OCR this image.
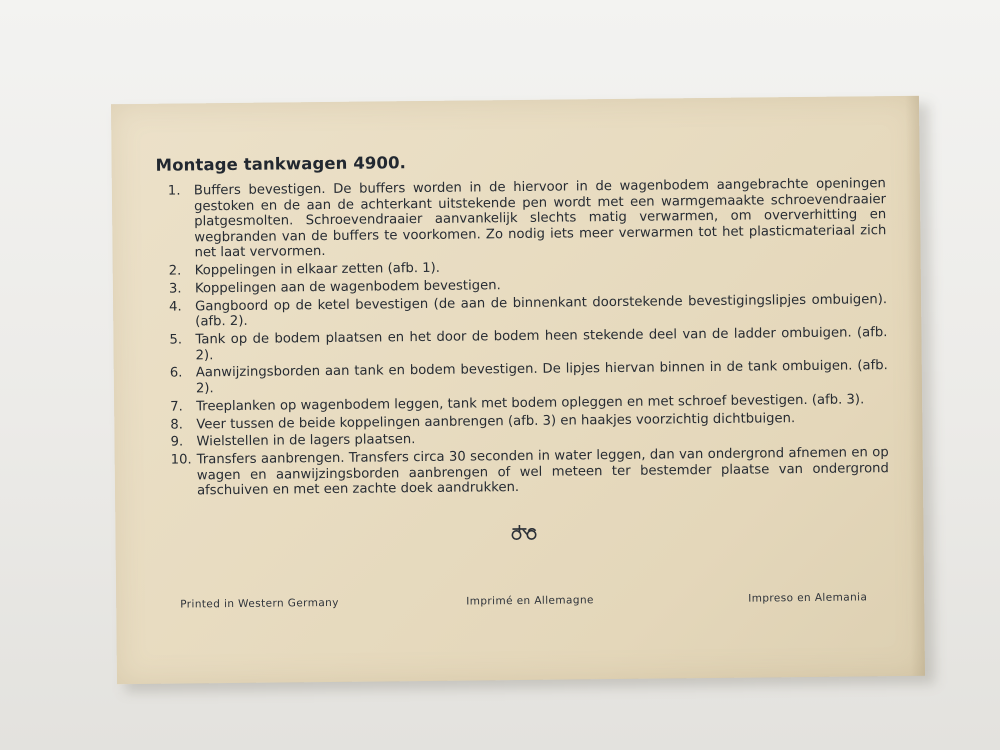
Montage tankwagen 4900.
1.	Buffers bevestigen. De buffers worden in de hiervoor in de wagenbodem aangebrachte openingen gestoken en de aan de achterkant uitstekende pen wordt met een warmgemaakte schroevendraaier platgesmolten. Schroevendraaier aanvankelijk slechts matig verwarmen, om oververhitting en wegbranden van de buffers te voorkomen. Zo nodig iets meer verwarmen tot het plasticmateriaal zich net laat vervormen.
2.	Koppelingen in elkaar zetten (afb. 1).
3.	Koppelingen aan de wagenbodem bevestigen.
4.	Gangboord op de ketel bevestigen (de aan de binnenkant doorstekende bevestigingslipjes ombuigen). (afb. 2).
5.	Tank op de bodem plaatsen en het door de bodem heen stekende deel van de ladder ombuigen. (afb. 2).
6.	Aanwijzingsborden aan tank en bodem bevestigen. De lipjes hiervan binnen in de tank ombuigen. (afb. 2).
7.	Treeplanken op wagenbodem leggen, tank met bodem opleggen en met schroef bevestigen. (afb. 3).
8.	Veer tussen de beide koppelingen aanbrengen (afb. 3) en haakjes voorzichtig dichtbuigen.
9.	Wielstellen in de lagers plaatsen.
10. Transfers aanbrengen. Transfers circa 30 seconden in water leggen, dan van ondergrond afnemen en op wagen en aanwijzingsborden aanbrengen of wel meteen ter bestemder plaatse van ondergrond afschuiven en met een zachte doek aandrukken.
Printed in Western Germany	Imprimé en Allemagne	Impreso en Alemania
